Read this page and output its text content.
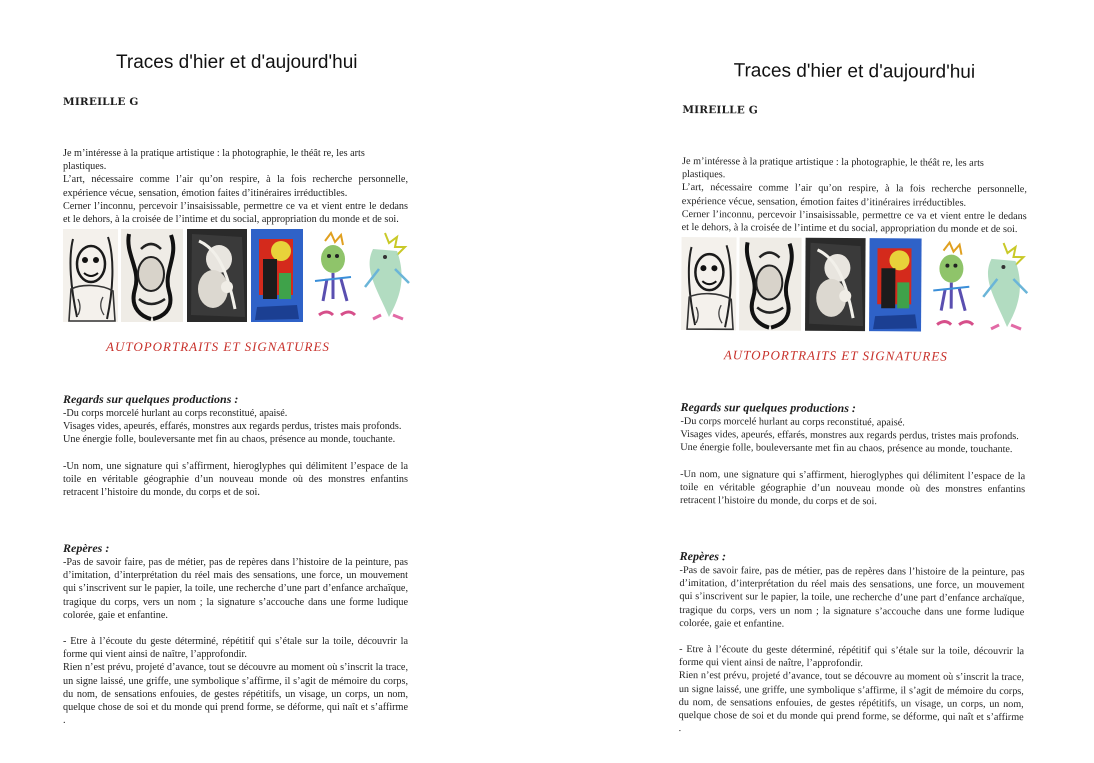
Traces d'hier et d'aujourd'hui
MIREILLE G

Je m’intéresse à la pratique artistique : la photographie, le théât re, les arts plastiques.

L’art, nécessaire comme l’air qu’on respire, à la fois recherche personnelle, expérience vécue, sensation, émotion faites d’itinéraires irréductibles.

Cerner l’inconnu, percevoir l’insaisissable, permettre ce va et vient entre le dedans et le dehors, à la croisée de l’intime et du social, appropriation du monde et de soi.

AUTOPORTRAITS ET SIGNATURES
Regards sur quelques productions :

-Du corps morcelé hurlant au corps reconstitué, apaisé.

Visages vides, apeurés, effarés, monstres aux regards perdus, tristes mais profonds.

Une énergie folle, bouleversante met fin au chaos, présence au monde, touchante.

-Un nom, une signature qui s’affirment, hieroglyphes qui délimitent l’espace de la toile en véritable géographie d’un nouveau monde où des monstres enfantins retracent l’histoire du monde, du corps et de soi.

Repères :

-Pas de savoir faire, pas de métier, pas de repères dans l’histoire de la peinture, pas d’imitation, d’interprétation du réel mais des sensations, une force, un mouvement qui s’inscrivent sur le papier, la toile, une recherche d’une part d’enfance archaïque, tragique du corps, vers un nom ; la signature s’accouche dans une forme ludique colorée, gaie et enfantine.

- Etre à l’écoute du geste déterminé, répétitif qui s’étale sur la toile, découvrir la forme qui vient ainsi de naître, l’approfondir.

Rien n’est prévu, projeté d’avance, tout se découvre au moment où s’inscrit la trace, un signe laissé, une griffe, une symbolique s’affirme, il s’agit de mémoire du corps, du nom, de sensations enfouies, de gestes répétitifs, un visage, un corps, un nom, quelque chose de soi et du monde qui prend forme, se déforme, qui naît et s’affirme .

Traces d'hier et d'aujourd'hui
MIREILLE G

Je m’intéresse à la pratique artistique : la photographie, le théât re, les arts plastiques.

L’art, nécessaire comme l’air qu’on respire, à la fois recherche personnelle, expérience vécue, sensation, émotion faites d’itinéraires irréductibles.

Cerner l’inconnu, percevoir l’insaisissable, permettre ce va et vient entre le dedans et le dehors, à la croisée de l’intime et du social, appropriation du monde et de soi.

AUTOPORTRAITS ET SIGNATURES
Regards sur quelques productions :

-Du corps morcelé hurlant au corps reconstitué, apaisé.

Visages vides, apeurés, effarés, monstres aux regards perdus, tristes mais profonds.

Une énergie folle, bouleversante met fin au chaos, présence au monde, touchante.

-Un nom, une signature qui s’affirment, hieroglyphes qui délimitent l’espace de la toile en véritable géographie d’un nouveau monde où des monstres enfantins retracent l’histoire du monde, du corps et de soi.

Repères :

-Pas de savoir faire, pas de métier, pas de repères dans l’histoire de la peinture, pas d’imitation, d’interprétation du réel mais des sensations, une force, un mouvement qui s’inscrivent sur le papier, la toile, une recherche d’une part d’enfance archaïque, tragique du corps, vers un nom ; la signature s’accouche dans une forme ludique colorée, gaie et enfantine.

- Etre à l’écoute du geste déterminé, répétitif qui s’étale sur la toile, découvrir la forme qui vient ainsi de naître, l’approfondir.

Rien n’est prévu, projeté d’avance, tout se découvre au moment où s’inscrit la trace, un signe laissé, une griffe, une symbolique s’affirme, il s’agit de mémoire du corps, du nom, de sensations enfouies, de gestes répétitifs, un visage, un corps, un nom, quelque chose de soi et du monde qui prend forme, se déforme, qui naît et s’affirme .
